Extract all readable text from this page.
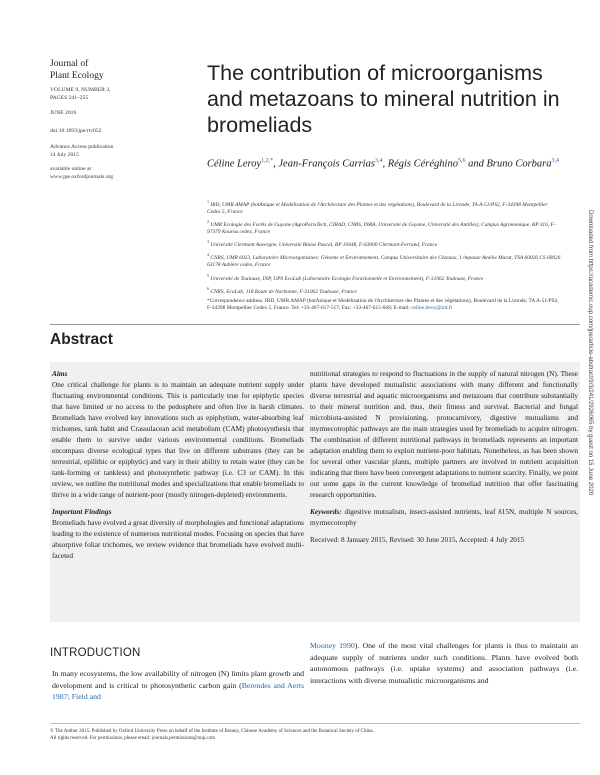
Journal of
Plant Ecology
VOLUME 9, NUMBER 3,
PAGES 241–255
JUNE 2016
doi:10.1093/jpe/rtv052
Advance Access publication
14 July 2015
available online at
www.jpe.oxfordjournals.org
The contribution of microorganisms and metazoans to mineral nutrition in bromeliads
Céline Leroy$^{1,2,*}$, Jean-François Carrias$^{3,4}$, Régis Céréghino$^{5,6}$ and Bruno Corbara$^{3,4}$

$^1$ IRD, UMR AMAP (botAnique et Modélisation de l'Architecture des Plantes et des végétations), Boulevard de la Lironde, TA A-51/PS2, F-34398 Montpellier Cedex 5, France

$^2$ UMR Ecologie des Forêts de Guyane (AgroParisTech, CIRAD, CNRS, INRA, Université de Guyane, Université des Antilles), Campus Agronomique, BP 316, F-97379 Kourou cedex, France

$^3$ Université Clermont Auvergne, Université Blaise Pascal, BP 10448, F-63000 Clermont-Ferrand, France

$^4$ CNRS, UMR 6023, Laboratoire Microorganismes: Génome et Environnement, Campus Universitaire des Cézeaux, 1 impasse Amélie Murat, TSA 60026 CS 60026 63178 Aubière cedex, France

$^5$ Université de Toulouse, INP, UPS EcoLab (Laboratoire Ecologie Fonctionnelle et Environnement), F-31062 Toulouse, France

$^6$ CNRS, EcoLab, 118 Route de Narbonne, F-31062 Toulouse, France

*Correspondence address. IRD, UMR AMAP (botAnique et Modélisation de l'Architecture des Plantes et des végétations), Boulevard de la Lironde, TA A-51/PS2, F-34398 Montpellier Cedex 5, France. Tel: +33-467-617-517; Fax: +33-467-615-668; E-mail: celine.leroy@ird.fr

Abstract
Aims

One critical challenge for plants is to maintain an adequate nutrient supply under fluctuating environmental conditions. This is particularly true for epiphytic species that have limited or no access to the pedosphere and often live in harsh climates. Bromeliads have evolved key innovations such as epiphytism, water-absorbing leaf trichomes, tank habit and Crassulacean acid metabolism (CAM) photosynthesis that enable them to survive under various environmental conditions. Bromeliads encompass diverse ecological types that live on different substrates (they can be terrestrial, epilithic or epiphytic) and vary in their ability to retain water (they can be tank-forming or tankless) and photosynthetic pathway (i.e. C3 or CAM). In this review, we outline the nutritional modes and specializations that enable bromeliads to thrive in a wide range of nutrient-poor (mostly nitrogen-depleted) environments.

Important Findings

Bromeliads have evolved a great diversity of morphologies and functional adaptations leading to the existence of numerous nutritional modes. Focusing on species that have absorptive foliar trichomes, we review evidence that bromeliads have evolved multi-faceted

nutritional strategies to respond to fluctuations in the supply of natural nitrogen (N). These plants have developed mutualistic associations with many different and functionally diverse terrestrial and aquatic microorganisms and metazoans that contribute substantially to their mineral nutrition and, thus, their fitness and survival. Bacterial and fungal microbiota-assisted N provisioning, protocarnivory, digestive mutualisms and myrmecotrophic pathways are the main strategies used by bromeliads to acquire nitrogen. The combination of different nutritional pathways in bromeliads represents an important adaptation enabling them to exploit nutrient-poor habitats. Nonetheless, as has been shown for several other vascular plants, multiple partners are involved in nutrient acquisition indicating that there have been convergent adaptations to nutrient scarcity. Finally, we point out some gaps in the current knowledge of bromeliad nutrition that offer fascinating research opportunities.

Keywords: digestive mutualism, insect-assisted nutrients, leaf δ15N, multiple N sources, myrmecotrophy

Received: 8 January 2015, Revised: 30 June 2015, Accepted: 4 July 2015

INTRODUCTION
In many ecosystems, the low availability of nitrogen (N) limits plant growth and development and is critical to photosynthetic carbon gain (Berendes and Aerts 1987; Field and
Mooney 1990). One of the most vital challenges for plants is thus to maintain an adequate supply of nutrients under such conditions. Plants have evolved both autonomous pathways (i.e. uptake systems) and association pathways (i.e. interactions with diverse mutualistic microorganisms and
© The Author 2015. Published by Oxford University Press on behalf of the Institute of Botany, Chinese Academy of Sciences and the Botanical Society of China.
All rights reserved. For permissions, please email: journals.permissions@oup.com
Downloaded from https://academic.oup.com/jpe/article-abstract/9/3/241/2926065 by guest on 15 June 2020
